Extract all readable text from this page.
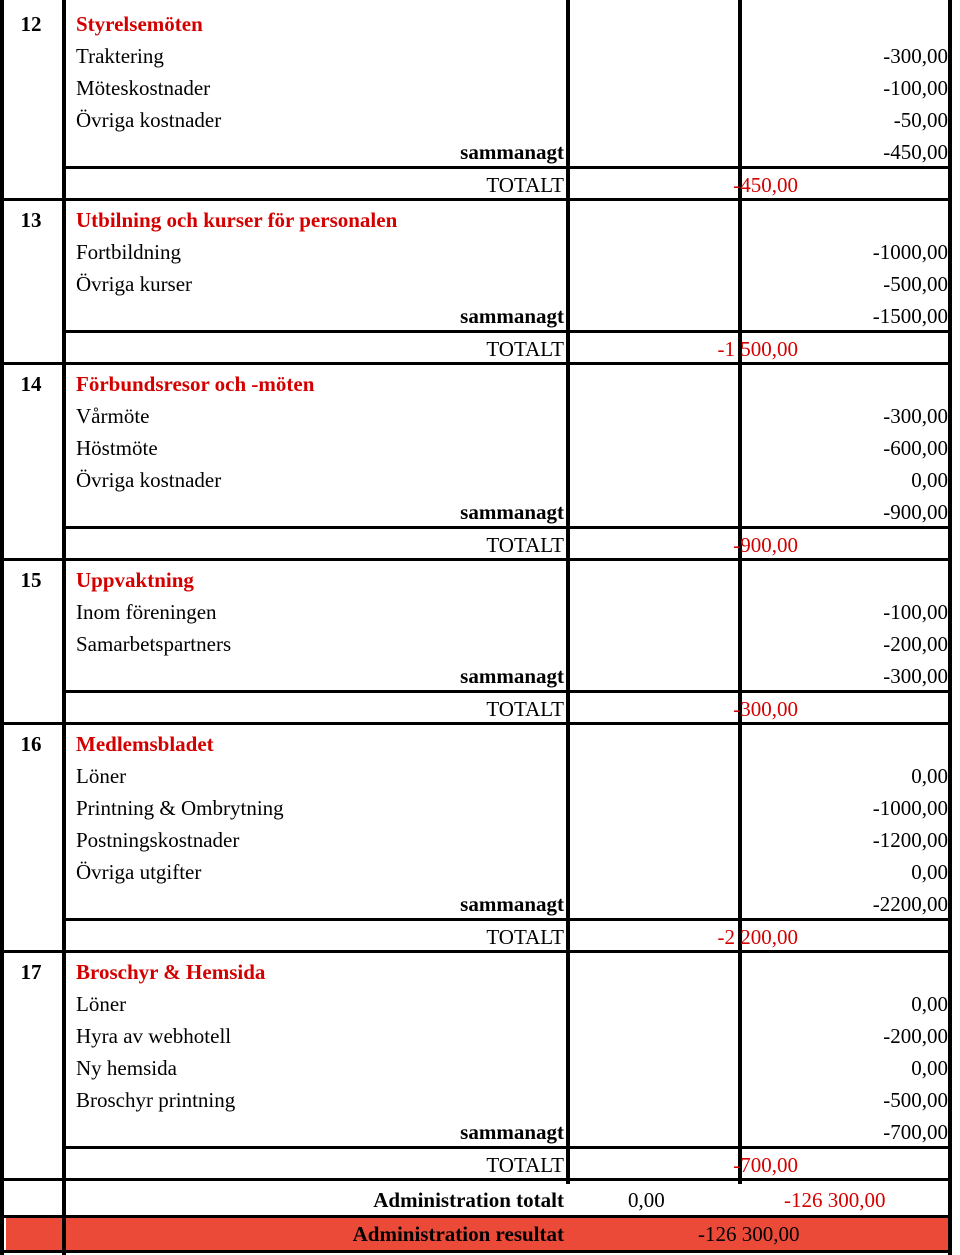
12	Styrelsemöten
Traktering	-300,00
Möteskostnader	-100,00
Övriga kostnader	-50,00
sammanagt	-450,00
TOTALT	-450,00
13	Utbilning och kurser för personalen
Fortbildning	-1000,00
Övriga kurser	-500,00
sammanagt	-1500,00
TOTALT	-1 500,00
14	Förbundsresor och -möten
Vårmöte	-300,00
Höstmöte	-600,00
Övriga kostnader	0,00
sammanagt	-900,00
TOTALT	-900,00
15	Uppvaktning
Inom föreningen	-100,00
Samarbetspartners	-200,00
sammanagt	-300,00
TOTALT	-300,00
16	Medlemsbladet
Löner	0,00
Printning & Ombrytning	-1000,00
Postningskostnader	-1200,00
Övriga utgifter	0,00
sammanagt	-2200,00
TOTALT	-2 200,00
17	Broschyr & Hemsida
Löner	0,00
Hyra av webhotell	-200,00
Ny hemsida	0,00
Broschyr printning	-500,00
sammanagt	-700,00
TOTALT	-700,00
Administration totalt	0,00	-126 300,00
Administration resultat	-126 300,00
